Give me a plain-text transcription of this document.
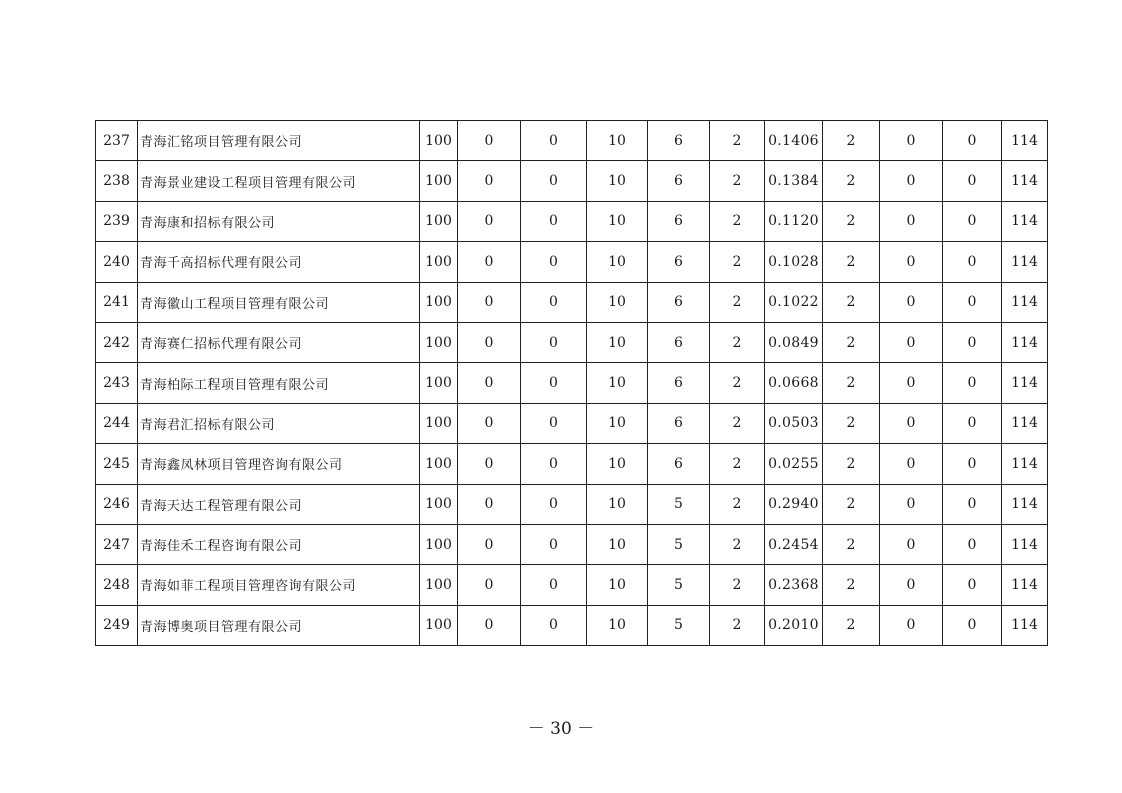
237	青海汇铭项目管理有限公司	100	0	0	10	6	2	0.1406	2	0	0	114
238	青海景业建设工程项目管理有限公司	100	0	0	10	6	2	0.1384	2	0	0	114
239	青海康和招标有限公司	100	0	0	10	6	2	0.1120	2	0	0	114
240	青海千高招标代理有限公司	100	0	0	10	6	2	0.1028	2	0	0	114
241	青海徽山工程项目管理有限公司	100	0	0	10	6	2	0.1022	2	0	0	114
242	青海赛仁招标代理有限公司	100	0	0	10	6	2	0.0849	2	0	0	114
243	青海柏际工程项目管理有限公司	100	0	0	10	6	2	0.0668	2	0	0	114
244	青海君汇招标有限公司	100	0	0	10	6	2	0.0503	2	0	0	114
245	青海鑫凤林项目管理咨询有限公司	100	0	0	10	6	2	0.0255	2	0	0	114
246	青海天达工程管理有限公司	100	0	0	10	5	2	0.2940	2	0	0	114
247	青海佳禾工程咨询有限公司	100	0	0	10	5	2	0.2454	2	0	0	114
248	青海如菲工程项目管理咨询有限公司	100	0	0	10	5	2	0.2368	2	0	0	114
249	青海博奥项目管理有限公司	100	0	0	10	5	2	0.2010	2	0	0	114
－ 30 －
